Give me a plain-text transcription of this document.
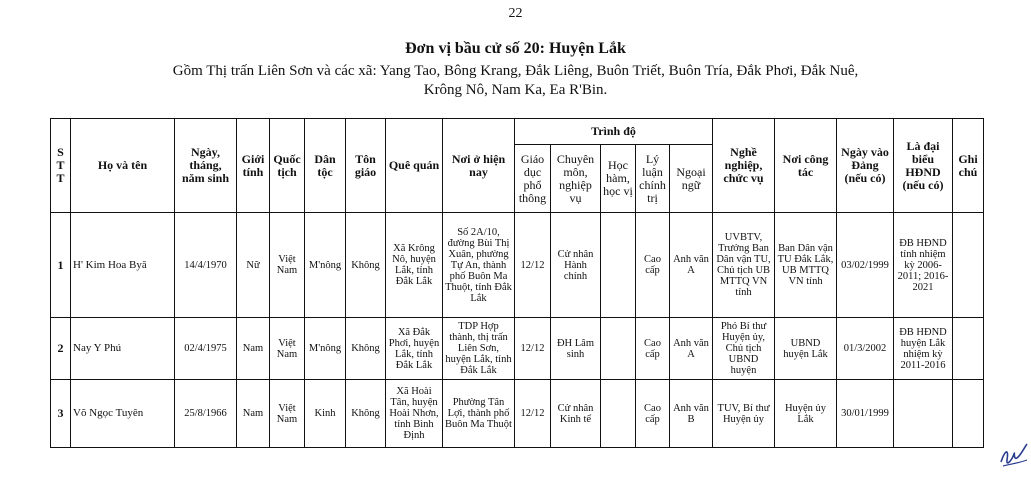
22
Đơn vị bầu cử số 20: Huyện Lắk
Gồm Thị trấn Liên Sơn và các xã: Yang Tao, Bông Krang, Đắk Liêng, Buôn Triết, Buôn Tría, Đắk Phơi, Đắk Nuê,
Krông Nô, Nam Ka, Ea R'Bin.
S T T	Họ và tên	Ngày, tháng, năm sinh	Giới tính	Quốc tịch	Dân tộc	Tôn giáo	Quê quán	Nơi ở hiện nay	Trình độ					Nghề nghiệp, chức vụ	Nơi công tác	Ngày vào Đảng (nếu có)	Là đại biểu HĐND (nếu có)	Ghi chú
									Giáo dục phổ thông	Chuyên môn, nghiệp vụ	Học hàm, học vị	Lý luận chính trị	Ngoại ngữ					
1	H' Kim Hoa Byă	14/4/1970	Nữ	Việt Nam	M'nông	Không	Xã Krông Nô, huyện Lắk, tỉnh Đắk Lắk	Số 2A/10, đường Bùi Thị Xuân, phường Tự An, thành phố Buôn Ma Thuột, tỉnh Đắk Lắk	12/12	Cử nhân Hành chính		Cao cấp	Anh văn A	UVBTV, Trưởng Ban Dân vận TU, Chủ tịch UB MTTQ VN tỉnh	Ban Dân vận TU Đắk Lắk, UB MTTQ VN tỉnh	03/02/1999	ĐB HĐND tỉnh nhiệm kỳ 2006-2011; 2016-2021	
2	Nay Y Phú	02/4/1975	Nam	Việt Nam	M'nông	Không	Xã Đắk Phơi, huyện Lắk, tỉnh Đắk Lắk	TDP Hợp thành, thị trấn Liên Sơn, huyện Lắk, tỉnh Đắk Lắk	12/12	ĐH Lâm sinh		Cao cấp	Anh văn A	Phó Bí thư Huyện ủy, Chủ tịch UBND huyện	UBND huyện Lắk	01/3/2002	ĐB HĐND huyện Lắk nhiệm kỳ 2011-2016	
3	Võ Ngọc Tuyên	25/8/1966	Nam	Việt Nam	Kinh	Không	Xã Hoài Tân, huyện Hoài Nhơn, tỉnh Bình Định	Phường Tân Lợi, thành phố Buôn Ma Thuột	12/12	Cử nhân Kinh tế		Cao cấp	Anh văn B	TUV, Bí thư Huyện ủy	Huyện ủy Lắk	30/01/1999		
